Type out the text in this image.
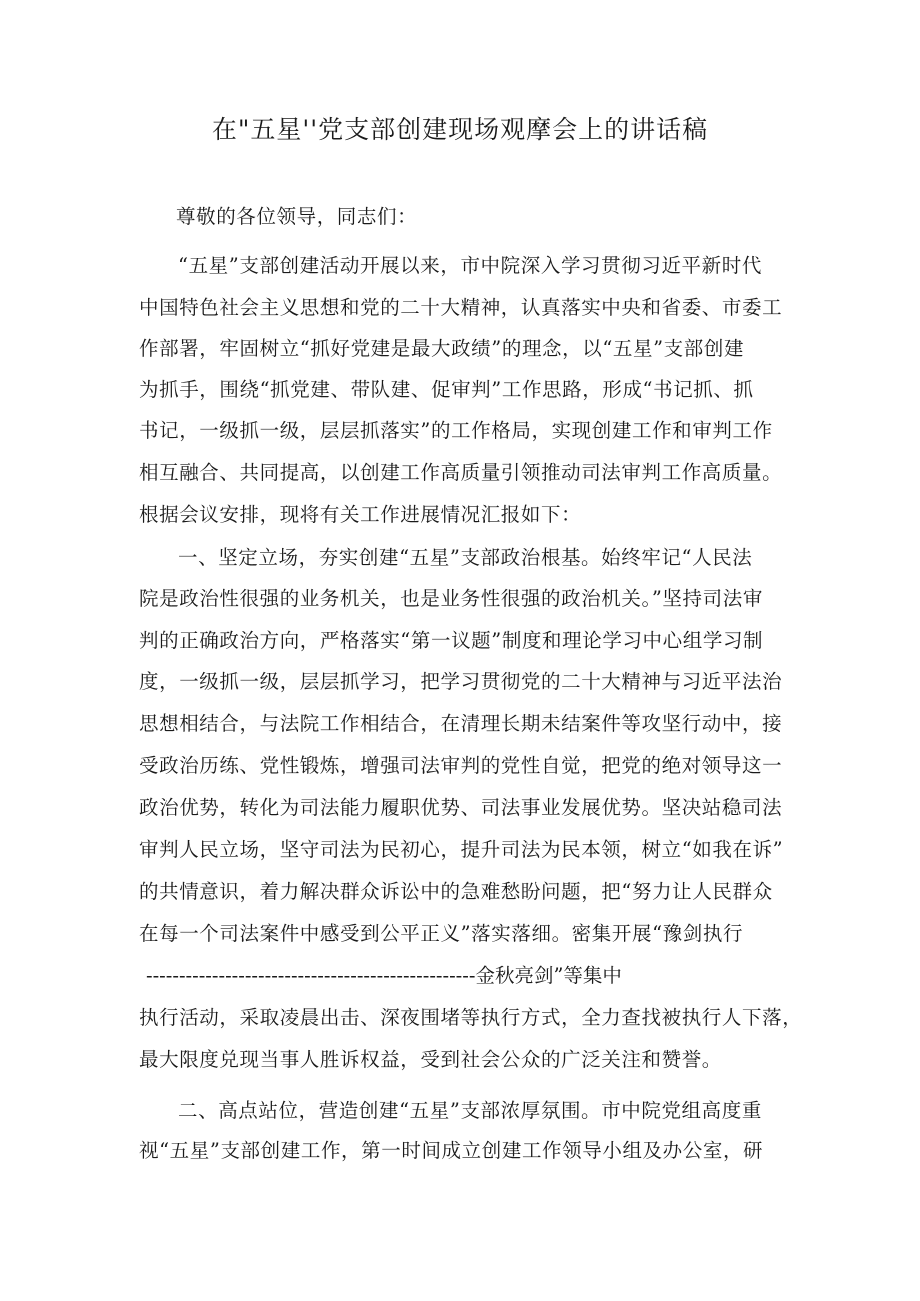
在"五星''党支部创建现场观摩会上的讲话稿
尊敬的各位领导，同志们：
“五星”支部创建活动开展以来，市中院深入学习贯彻习近平新时代
中国特色社会主义思想和党的二十大精神，认真落实中央和省委、市委工
作部署，牢固树立“抓好党建是最大政绩”的理念，以“五星”支部创建
为抓手，围绕“抓党建、带队建、促审判”工作思路，形成“书记抓、抓
书记，一级抓一级，层层抓落实”的工作格局，实现创建工作和审判工作
相互融合、共同提高，以创建工作高质量引领推动司法审判工作高质量。
根据会议安排，现将有关工作进展情况汇报如下：
一、坚定立场，夯实创建“五星”支部政治根基。始终牢记“人民法
院是政治性很强的业务机关，也是业务性很强的政治机关。”坚持司法审
判的正确政治方向，严格落实“第一议题”制度和理论学习中心组学习制
度，一级抓一级，层层抓学习，把学习贯彻党的二十大精神与习近平法治
思想相结合，与法院工作相结合，在清理长期未结案件等攻坚行动中，接
受政治历练、党性锻炼，增强司法审判的党性自觉，把党的绝对领导这一
政治优势，转化为司法能力履职优势、司法事业发展优势。坚决站稳司法
审判人民立场，坚守司法为民初心，提升司法为民本领，树立“如我在诉”
的共情意识，着力解决群众诉讼中的急难愁盼问题，把“努力让人民群众
在每一个司法案件中感受到公平正义”落实落细。密集开展“豫剑执行
--------------------------------------------------金秋亮剑”等集中
执行活动，采取凌晨出击、深夜围堵等执行方式，全力查找被执行人下落，
最大限度兑现当事人胜诉权益，受到社会公众的广泛关注和赞誉。
二、高点站位，营造创建“五星”支部浓厚氛围。市中院党组高度重
视“五星”支部创建工作，第一时间成立创建工作领导小组及办公室，研
